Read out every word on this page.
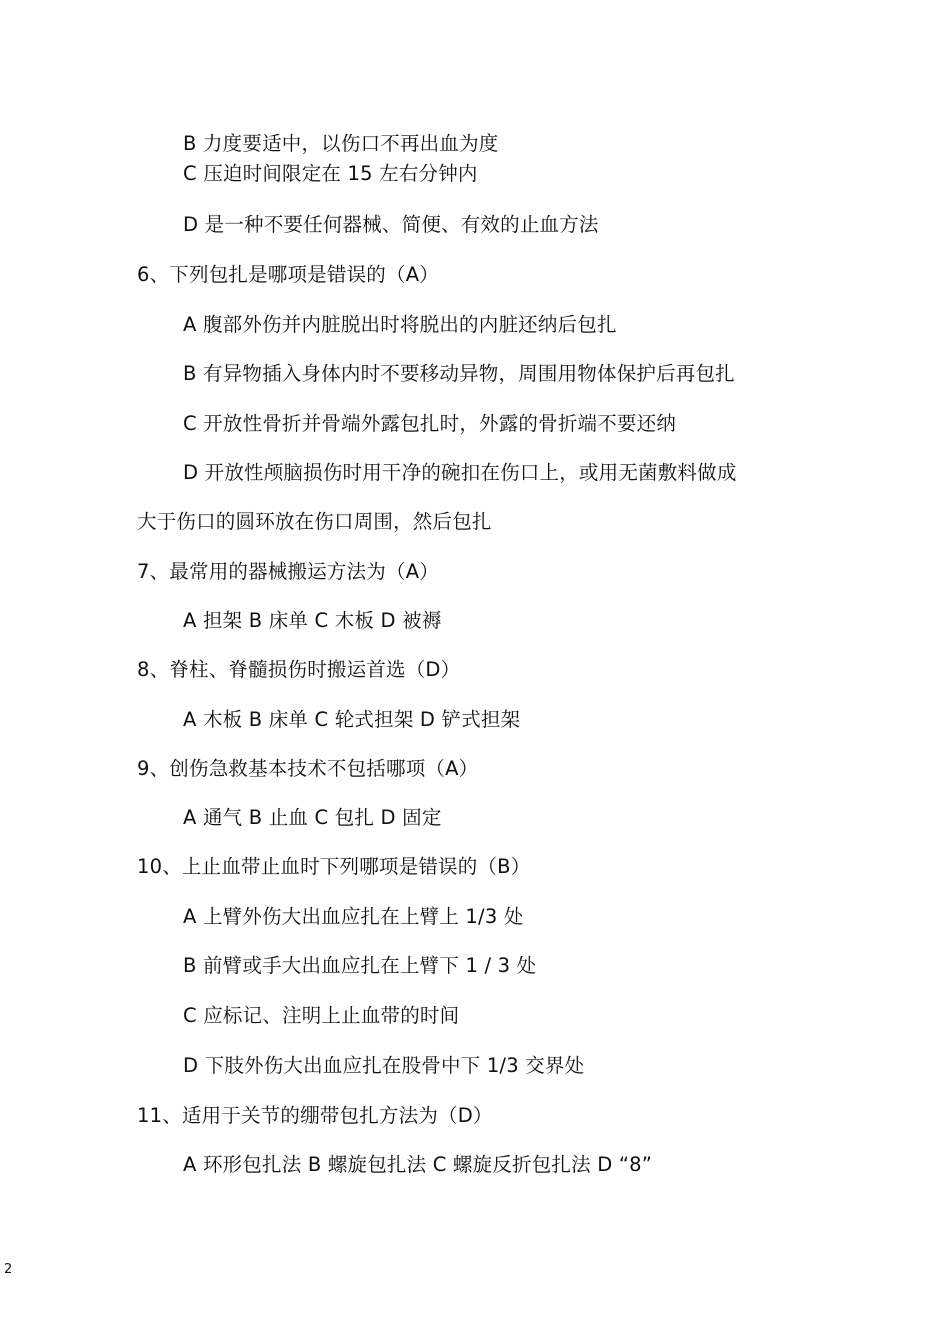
B 力度要适中，以伤口不再出血为度
C 压迫时间限定在 15 左右分钟内
D 是一种不要任何器械、简便、有效的止血方法
6、下列包扎是哪项是错误的（A）
A 腹部外伤并内脏脱出时将脱出的内脏还纳后包扎
B 有异物插入身体内时不要移动异物，周围用物体保护后再包扎
C 开放性骨折并骨端外露包扎时，外露的骨折端不要还纳
D 开放性颅脑损伤时用干净的碗扣在伤口上，或用无菌敷料做成
大于伤口的圆环放在伤口周围，然后包扎
7、最常用的器械搬运方法为（A）
A 担架 B 床单 C 木板 D 被褥
8、脊柱、脊髓损伤时搬运首选（D）
A 木板 B 床单 C 轮式担架 D 铲式担架
9、创伤急救基本技术不包括哪项（A）
A 通气 B 止血 C 包扎 D 固定
10、上止血带止血时下列哪项是错误的（B）
A 上臂外伤大出血应扎在上臂上 1/3 处
B 前臂或手大出血应扎在上臂下 1 / 3 处
C 应标记、注明上止血带的时间
D 下肢外伤大出血应扎在股骨中下 1/3 交界处
11、适用于关节的绷带包扎方法为（D）
A 环形包扎法 B 螺旋包扎法 C 螺旋反折包扎法 D “8”
2
